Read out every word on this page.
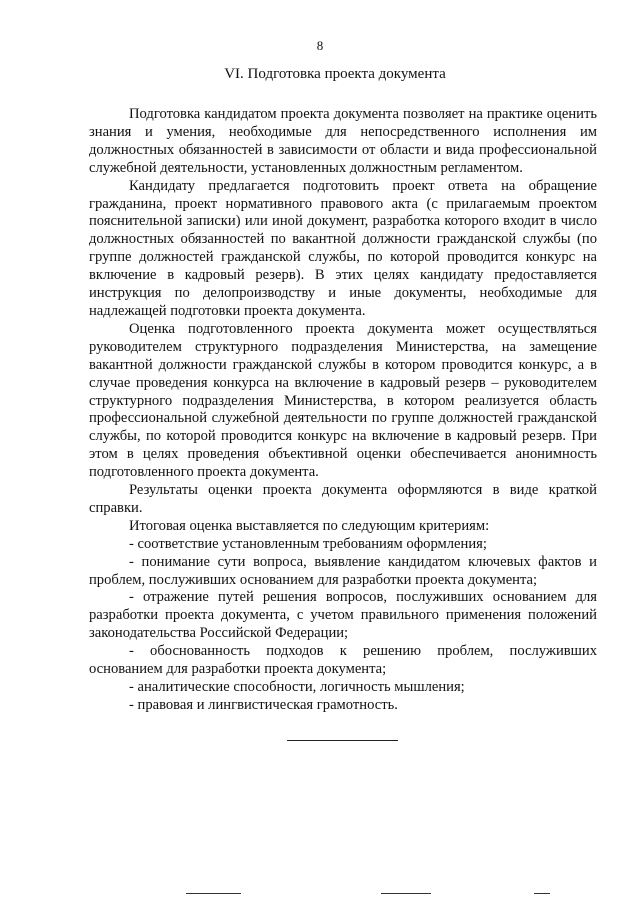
8
VI. Подготовка проекта документа

Подготовка кандидатом проекта документа позволяет на практике оценить знания и умения, необходимые для непосредственного исполнения им должностных обязанностей в зависимости от области и вида профессиональной служебной деятельности, установленных должностным регламентом.

Кандидату предлагается подготовить проект ответа на обращение гражданина, проект нормативного правового акта (с прилагаемым проектом пояснительной записки) или иной документ, разработка которого входит в число должностных обязанностей по вакантной должности гражданской службы (по группе должностей гражданской службы, по которой проводится конкурс на включение в кадровый резерв). В этих целях кандидату предоставляется инструкция по делопроизводству и иные документы, необходимые для надлежащей подготовки проекта документа.

Оценка подготовленного проекта документа может осуществляться руководителем структурного подразделения Министерства, на замещение вакантной должности гражданской службы в котором проводится конкурс, а в случае проведения конкурса на включение в кадровый резерв – руководителем структурного подразделения Министерства, в котором реализуется область профессиональной служебной деятельности по группе должностей гражданской службы, по которой проводится конкурс на включение в кадровый резерв. При этом в целях проведения объективной оценки обеспечивается анонимность подготовленного проекта документа.

Результаты оценки проекта документа оформляются в виде краткой справки.

Итоговая оценка выставляется по следующим критериям:

- соответствие установленным требованиям оформления;

- понимание сути вопроса, выявление кандидатом ключевых фактов и проблем, послуживших основанием для разработки проекта документа;

- отражение путей решения вопросов, послуживших основанием для разработки проекта документа, с учетом правильного применения положений законодательства Российской Федерации;

- обоснованность подходов к решению проблем, послуживших основанием для разработки проекта документа;

- аналитические способности, логичность мышления;

- правовая и лингвистическая грамотность.
